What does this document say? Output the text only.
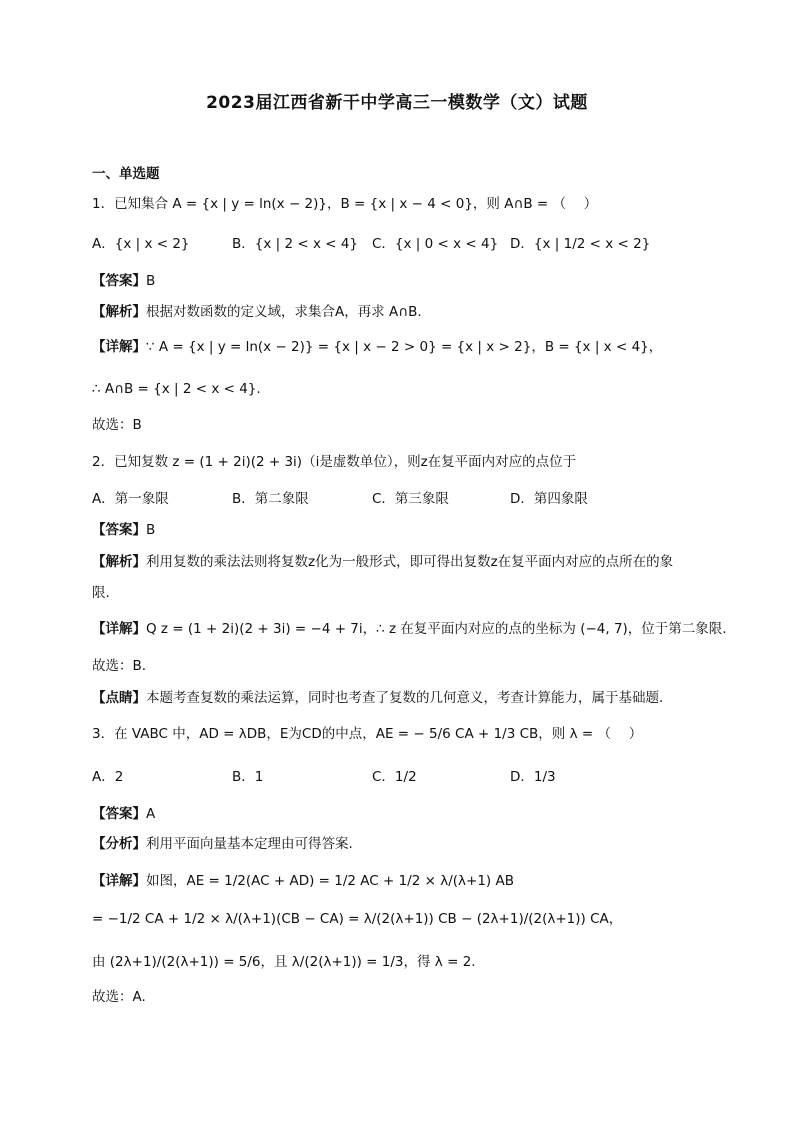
2023届江西省新干中学高三一模数学（文）试题
一、单选题
1．已知集合 A = {x | y = ln(x − 2)}，B = {x | x − 4 < 0}，则 A∩B = （　 ）
A．{x | x < 2}	B．{x | 2 < x < 4} C．{x | 0 < x < 4} D．{x | 1/2 < x < 2}
【答案】B
【解析】根据对数函数的定义域，求集合A，再求 A∩B.
【详解】∵ A = {x | y = ln(x − 2)} = {x | x − 2 > 0} = {x | x > 2}，B = {x | x < 4}，
∴ A∩B = {x | 2 < x < 4}.
故选：B
2．已知复数 z = (1 + 2i)(2 + 3i)（i是虚数单位），则z在复平面内对应的点位于
A．第一象限	B．第二象限	C．第三象限	D．第四象限
【答案】B
【解析】利用复数的乘法法则将复数z化为一般形式，即可得出复数z在复平面内对应的点所在的象
限.
【详解】Q z = (1 + 2i)(2 + 3i) = −4 + 7i，∴ z 在复平面内对应的点的坐标为 (−4, 7)，位于第二象限.
故选：B.
【点睛】本题考查复数的乘法运算，同时也考查了复数的几何意义，考查计算能力，属于基础题.
3．在 VABC 中，AD = λDB，E为CD的中点，AE = − 5/6 CA + 1/3 CB，则 λ = （　 ）
A．2	B．1	C．1/2	D．1/3
【答案】A
【分析】利用平面向量基本定理由可得答案.
【详解】如图，AE = 1/2(AC + AD) = 1/2 AC + 1/2 × λ/(λ+1) AB
= −1/2 CA + 1/2 × λ/(λ+1)(CB − CA) = λ/(2(λ+1)) CB − (2λ+1)/(2(λ+1)) CA，
由 (2λ+1)/(2(λ+1)) = 5/6，且 λ/(2(λ+1)) = 1/3，得 λ = 2.
故选：A.
